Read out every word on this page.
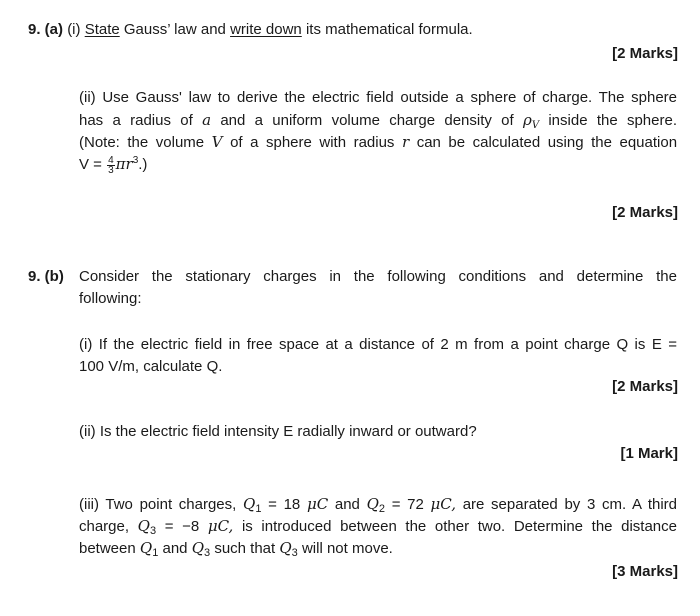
9. (a) (i) State Gauss’ law and write down its mathematical formula.
[2 Marks]
(ii) Use Gauss' law to derive the electric field outside a sphere of charge. The sphere
has a radius of a and a uniform volume charge density of $\rho_V$ inside the sphere.
(Note: the volume V of a sphere with radius r can be calculated using the equation
$V = \frac{4}{3} \pi r^3$.)
[2 Marks]
9. (b) Consider the stationary charges in the following conditions and determine the
following:
(i) If the electric field in free space at a distance of 2 m from a point charge Q is E =
100 V/m, calculate Q.
[2 Marks]
(ii) Is the electric field intensity E radially inward or outward?
[1 Mark]
(iii) Two point charges, $Q_1 = 18$ μC and $Q_2 = 72$ μC, are separated by 3 cm. A third
charge, $Q_3 = -8$ μC, is introduced between the other two. Determine the distance
between $Q_1$ and $Q_3$ such that $Q_3$ will not move.
[3 Marks]
